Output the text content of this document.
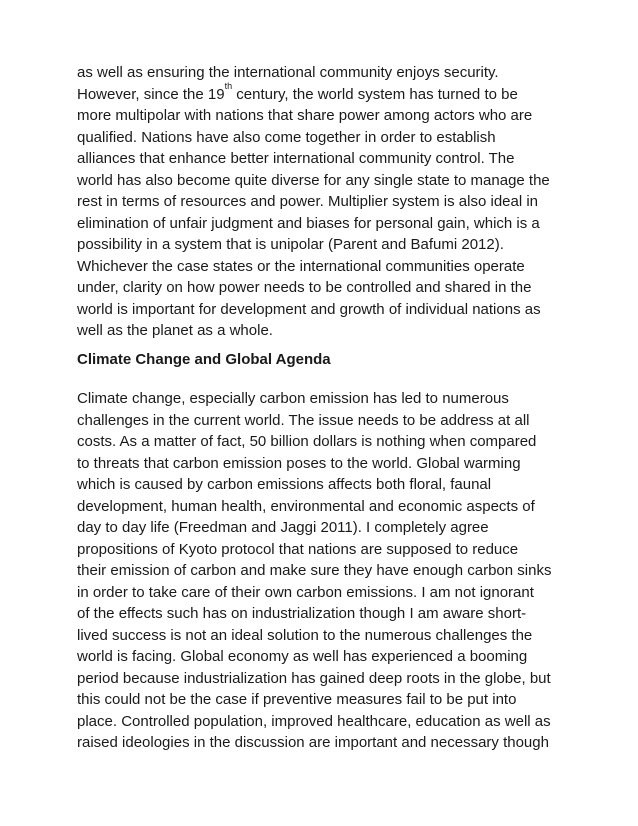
as well as ensuring the international community enjoys security.
However, since the 19th century, the world system has turned to be
more multipolar with nations that share power among actors who are
qualified. Nations have also come together in order to establish
alliances that enhance better international community control. The
world has also become quite diverse for any single state to manage the
rest in terms of resources and power. Multiplier system is also ideal in
elimination of unfair judgment and biases for personal gain, which is a
possibility in a system that is unipolar (Parent and Bafumi 2012).
Whichever the case states or the international communities operate
under, clarity on how power needs to be controlled and shared in the
world is important for development and growth of individual nations as
well as the planet as a whole.
Climate Change and Global Agenda
Climate change, especially carbon emission has led to numerous
challenges in the current world. The issue needs to be address at all
costs. As a matter of fact, 50 billion dollars is nothing when compared
to threats that carbon emission poses to the world. Global warming
which is caused by carbon emissions affects both floral, faunal
development, human health, environmental and economic aspects of
day to day life (Freedman and Jaggi 2011). I completely agree
propositions of Kyoto protocol that nations are supposed to reduce
their emission of carbon and make sure they have enough carbon sinks
in order to take care of their own carbon emissions. I am not ignorant
of the effects such has on industrialization though I am aware short-
lived success is not an ideal solution to the numerous challenges the
world is facing. Global economy as well has experienced a booming
period because industrialization has gained deep roots in the globe, but
this could not be the case if preventive measures fail to be put into
place. Controlled population, improved healthcare, education as well as
raised ideologies in the discussion are important and necessary though
